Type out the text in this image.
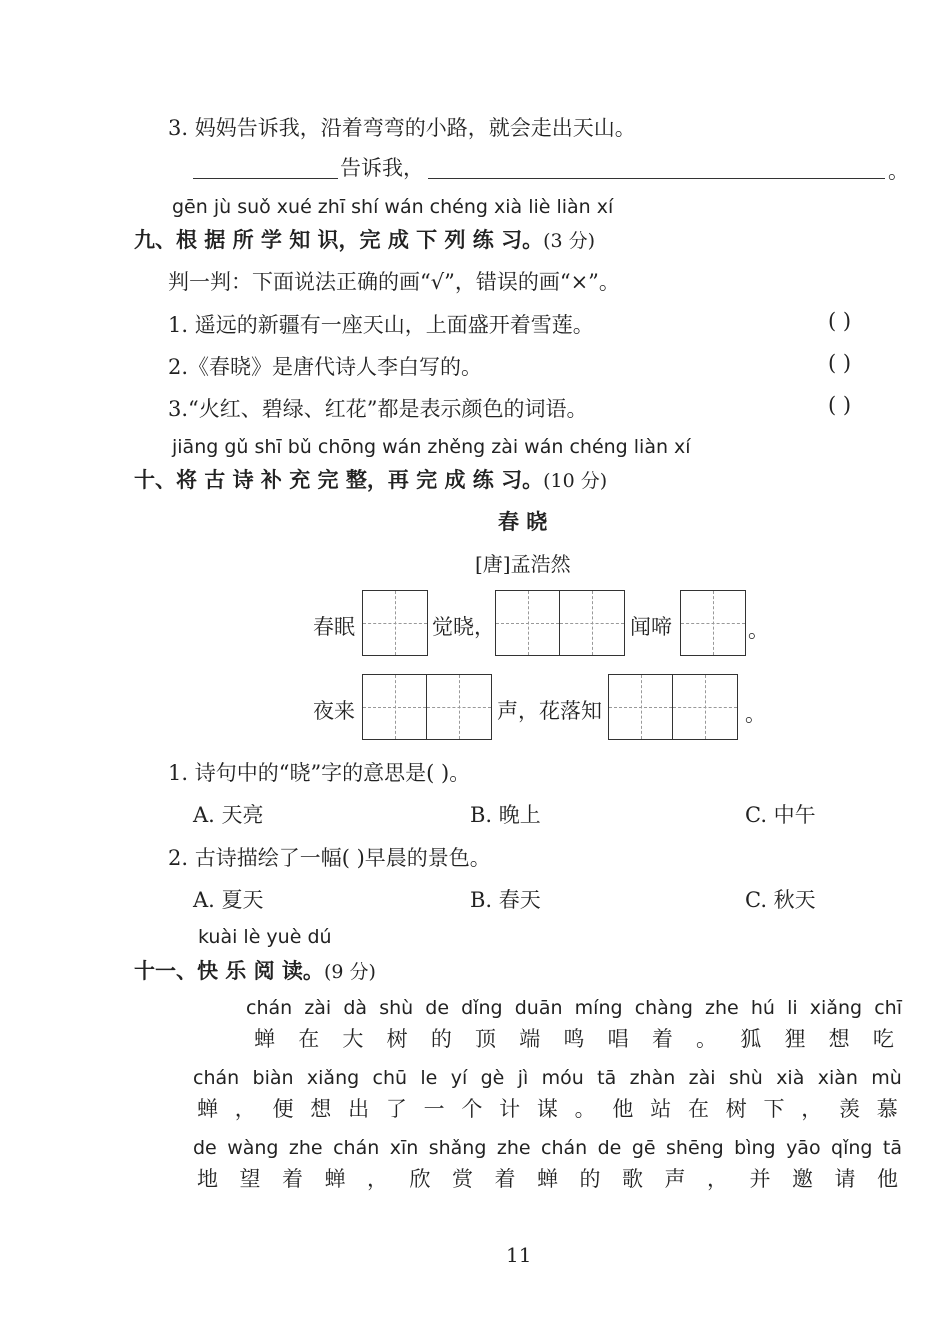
3. 妈妈告诉我，沿着弯弯的小路，就会走出天山。
告诉我，	。
gēn jù suǒ xué zhī shí wán chéng xià liè liàn xí
九、根 据 所 学 知 识，完 成 下 列 练 习。(3 分)
判一判：下面说法正确的画“√”，错误的画“×”。
1. 遥远的新疆有一座天山，上面盛开着雪莲。	( )
2.《春晓》是唐代诗人李白写的。	( )
3.“火红、碧绿、红花”都是表示颜色的词语。	( )
jiāng gǔ shī bǔ chōng wán zhěng zài wán chéng liàn xí
十、将 古 诗 补 充 完 整，再 完 成 练 习。(10 分)
春 晓
[唐]孟浩然
春眠	觉晓，	闻啼	。
夜来	声，花落知	。
1. 诗句中的“晓”字的意思是( )。
A. 天亮	B. 晚上	C. 中午
2. 古诗描绘了一幅( )早晨的景色。
A. 夏天	B. 春天	C. 秋天
kuài lè yuè dú
十一、快 乐 阅 读。(9 分)
chán zài dà shù de dǐng duān míng chàng zhe hú li xiǎng chī
蝉 在 大 树 的 顶 端 鸣 唱 着 。 狐 狸 想 吃
chán biàn xiǎng chū le yí gè jì móu tā zhàn zài shù xià xiàn mù
蝉 ， 便 想 出 了 一 个 计 谋 。 他 站 在 树 下 ， 羡 慕
de wàng zhe chán xīn shǎng zhe chán de gē shēng bìng yāo qǐng tā
地 望 着 蝉 ， 欣 赏 着 蝉 的 歌 声 ， 并 邀 请 他
11
